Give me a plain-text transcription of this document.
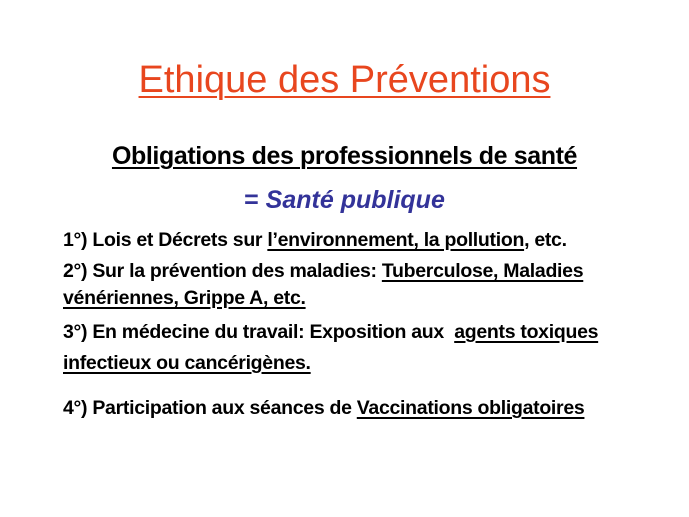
Ethique des Préventions
Obligations des professionnels de santé
= Santé publique
1°) Lois et Décrets sur l’environnement, la pollution, etc.
2°) Sur la prévention des maladies: Tuberculose, Maladies
vénériennes, Grippe A, etc.
3°) En médecine du travail: Exposition aux  agents toxiques
infectieux ou cancérigènes.
4°) Participation aux séances de Vaccinations obligatoires
